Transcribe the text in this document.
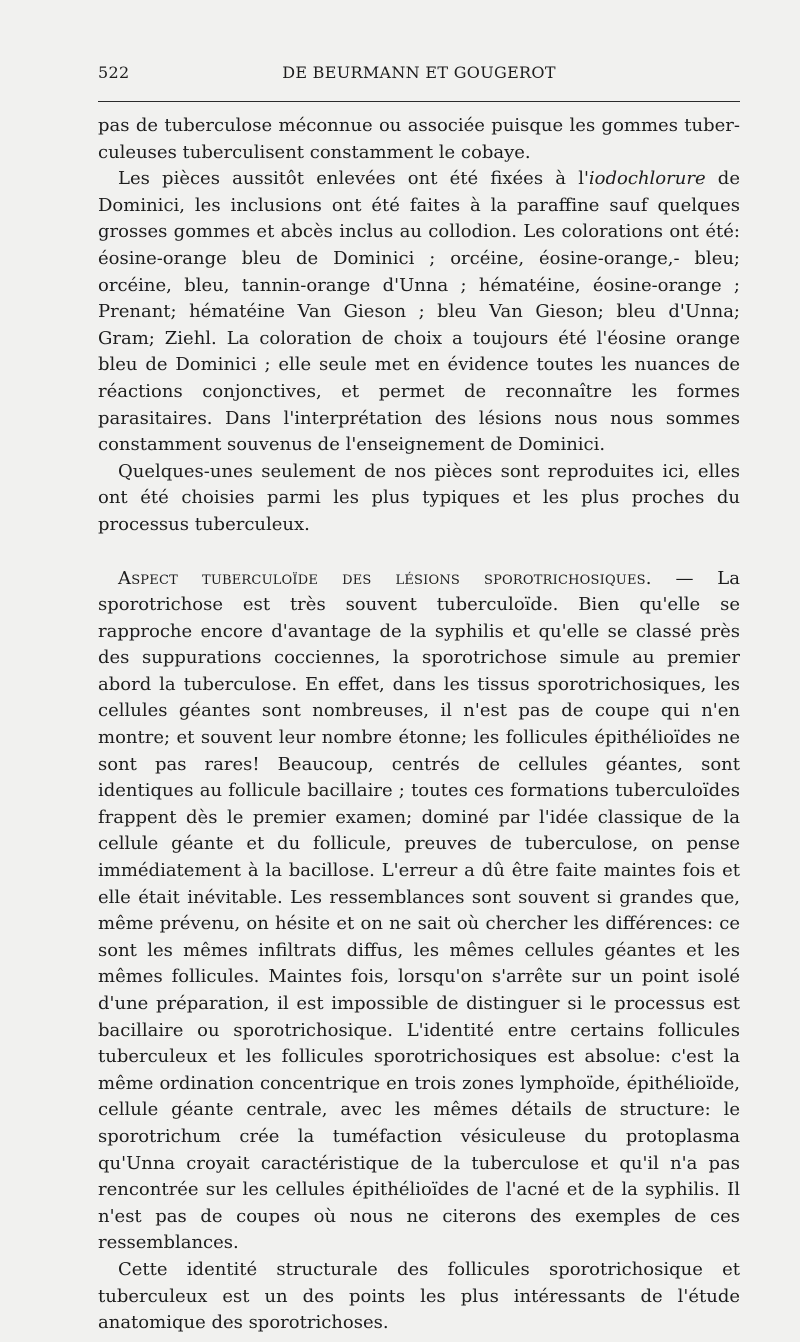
522	DE BEURMANN ET GOUGEROT

pas de tuberculose méconnue ou associée puisque les gommes tuber-culeuses tuberculisent constamment le cobaye.

Les pièces aussitôt enlevées ont été fixées à l'iodochlorure de Dominici, les inclusions ont été faites à la paraffine sauf quelques grosses gommes et abcès inclus au collodion. Les colorations ont été: éosine-orange bleu de Dominici ; orcéine, éosine-orange,- bleu; orcéine, bleu, tannin-orange d'Unna ; hématéine, éosine-orange ; Prenant; hématéine Van Gieson ; bleu Van Gieson; bleu d'Unna; Gram; Ziehl. La coloration de choix a toujours été l'éosine orange bleu de Dominici ; elle seule met en évidence toutes les nuances de réactions conjonctives, et permet de reconnaître les formes parasitaires. Dans l'interprétation des lésions nous nous sommes constamment souvenus de l'enseignement de Dominici.

Quelques-unes seulement de nos pièces sont reproduites ici, elles ont été choisies parmi les plus typiques et les plus proches du processus tuberculeux.

Aspect tuberculoïde des lésions sporotrichosiques. — La sporotrichose est très souvent tuberculoïde. Bien qu'elle se rapproche encore d'avantage de la syphilis et qu'elle se classé près des suppurations cocciennes, la sporotrichose simule au premier abord la tuberculose. En effet, dans les tissus sporotrichosiques, les cellules géantes sont nombreuses, il n'est pas de coupe qui n'en montre; et souvent leur nombre étonne; les follicules épithélioïdes ne sont pas rares! Beaucoup, centrés de cellules géantes, sont identiques au follicule bacillaire ; toutes ces formations tuberculoïdes frappent dès le premier examen; dominé par l'idée classique de la cellule géante et du follicule, preuves de tuberculose, on pense immédiatement à la bacillose. L'erreur a dû être faite maintes fois et elle était inévitable. Les ressemblances sont souvent si grandes que, même prévenu, on hésite et on ne sait où chercher les différences: ce sont les mêmes infiltrats diffus, les mêmes cellules géantes et les mêmes follicules. Maintes fois, lorsqu'on s'arrête sur un point isolé d'une préparation, il est impossible de distinguer si le processus est bacillaire ou sporotrichosique. L'identité entre certains follicules tuberculeux et les follicules sporotrichosiques est absolue: c'est la même ordination concentrique en trois zones lymphoïde, épithélioïde, cellule géante centrale, avec les mêmes détails de structure: le sporotrichum crée la tuméfaction vésiculeuse du protoplasma qu'Unna croyait caractéristique de la tuberculose et qu'il n'a pas rencontrée sur les cellules épithélioïdes de l'acné et de la syphilis. Il n'est pas de coupes où nous ne citerons des exemples de ces ressemblances.

Cette identité structurale des follicules sporotrichosique et tuberculeux est un des points les plus intéressants de l'étude anatomique des sporotrichoses.
